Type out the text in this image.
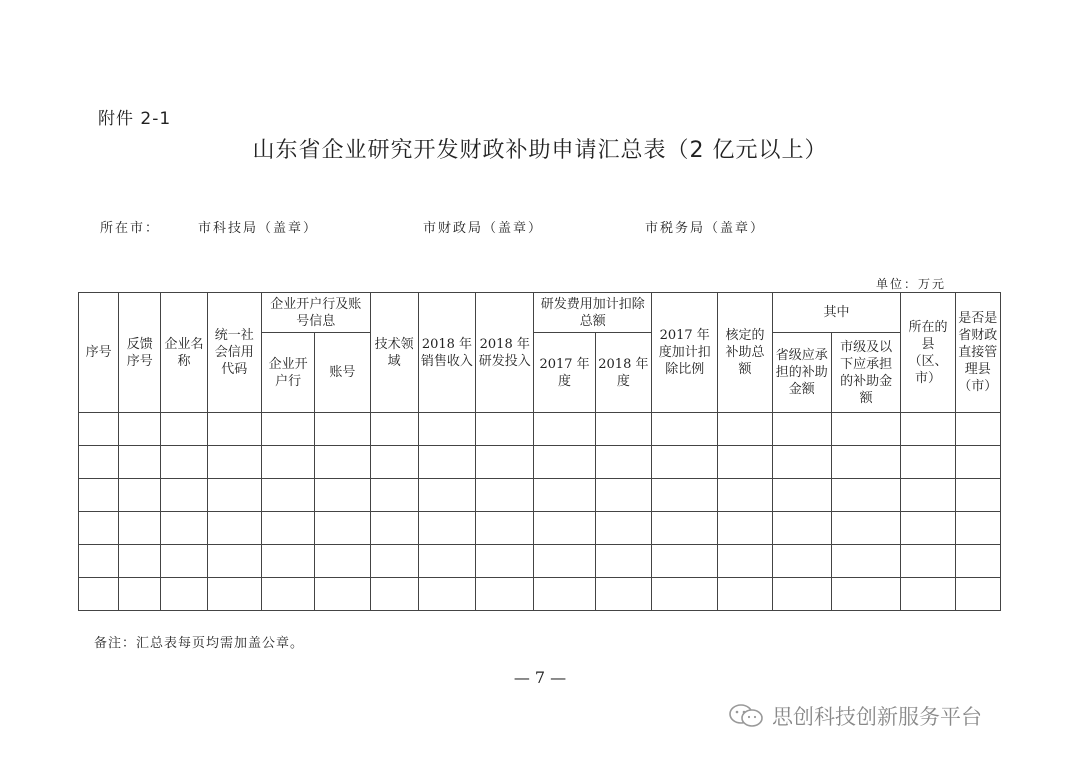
附件 2-1
山东省企业研究开发财政补助申请汇总表（2 亿元以上）
所在市：	市科技局（盖章）	市财政局（盖章）	市税务局（盖章）
单位：万元
序号	反馈序号	企业名称	统一社会信用代码	企业开户行及账号信息		技术领域	2018 年销售收入	2018 年研发投入	研发费用加计扣除总额		2017 年度加计扣除比例	核定的补助总额	其中		所在的县（区、市）	是否是省财政直接管理县（市）
				企业开户行	账号				2017 年度	2018 年度			省级应承担的补助金额	市级及以下应承担的补助金额		

备注：汇总表每页均需加盖公章。
— 7 —
思创科技创新服务平台
